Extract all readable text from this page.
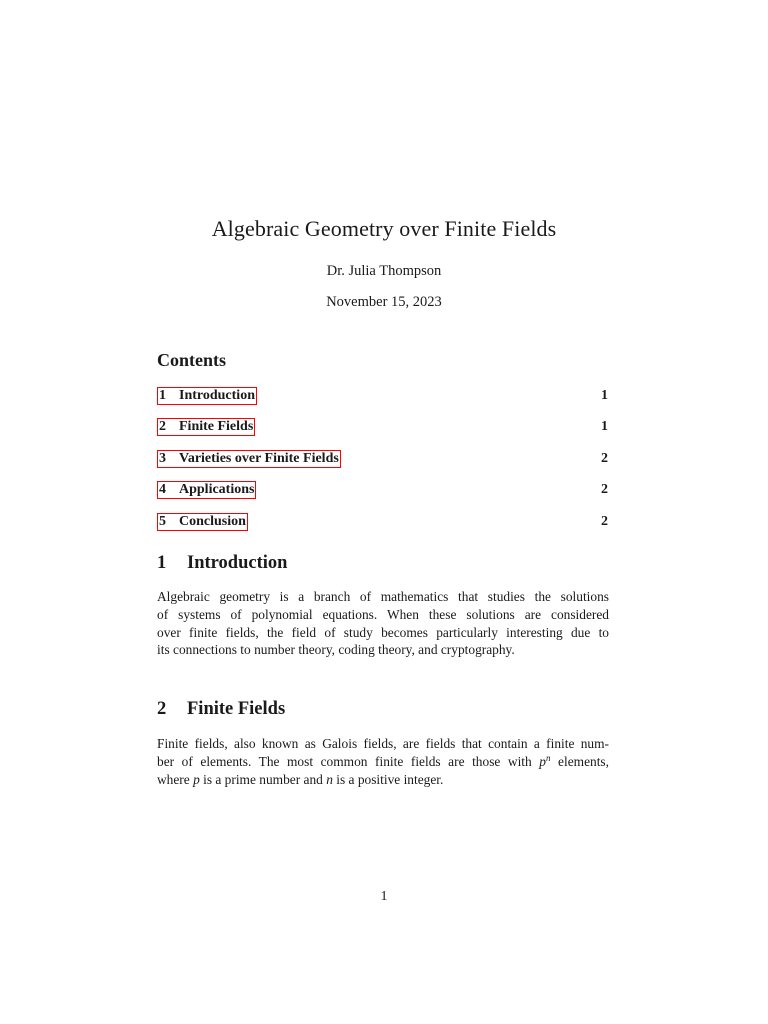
Algebraic Geometry over Finite Fields
Dr. Julia Thompson
November 15, 2023
Contents
1 Introduction	1
2 Finite Fields	1
3 Varieties over Finite Fields	2
4 Applications	2
5 Conclusion	2
1 Introduction
Algebraic geometry is a branch of mathematics that studies the solutions
of systems of polynomial equations. When these solutions are considered
over finite fields, the field of study becomes particularly interesting due to
its connections to number theory, coding theory, and cryptography.
2 Finite Fields
Finite fields, also known as Galois fields, are fields that contain a finite num-
ber of elements. The most common finite fields are those with $p^n$ elements,
where p is a prime number and n is a positive integer.
1
